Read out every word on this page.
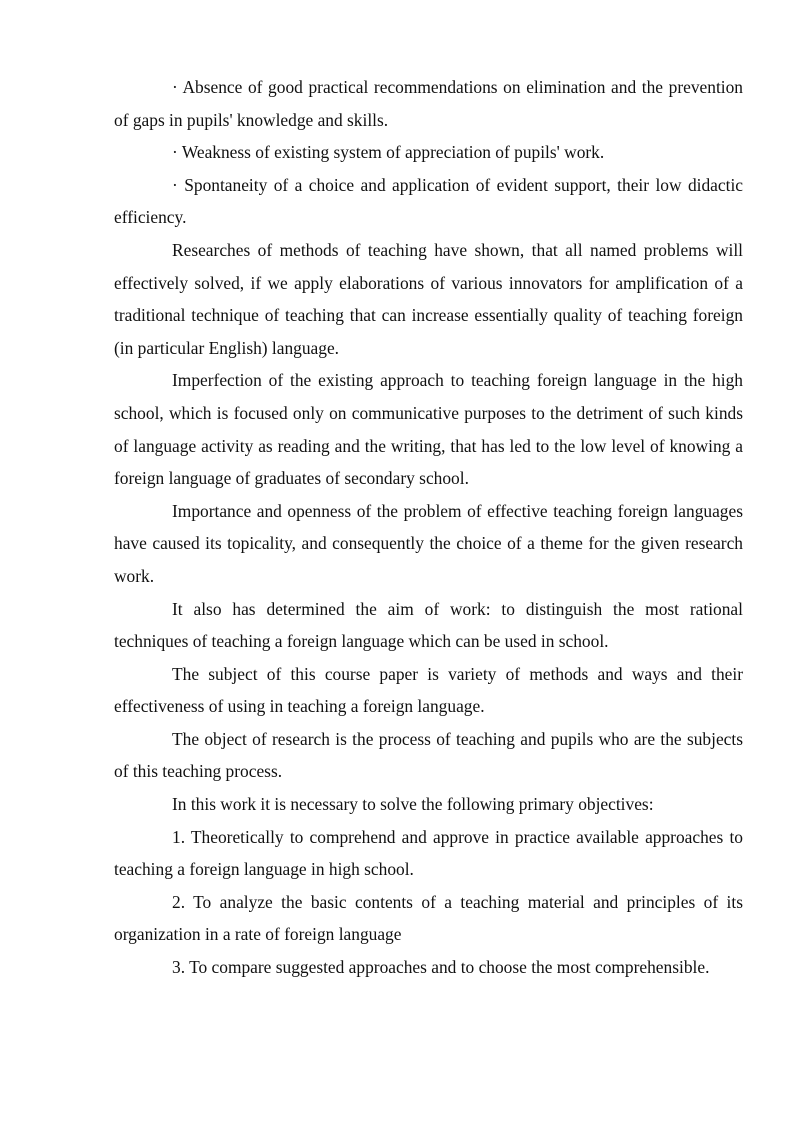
· Absence of good practical recommendations on elimination and the prevention of gaps in pupils' knowledge and skills.

· Weakness of existing system of appreciation of pupils' work.

· Spontaneity of a choice and application of evident support, their low didactic efficiency.

Researches of methods of teaching have shown, that all named problems will effectively solved, if we apply elaborations of various innovators for amplification of a traditional technique of teaching that can increase essentially quality of teaching foreign (in particular English) language.

Imperfection of the existing approach to teaching foreign language in the high school, which is focused only on communicative purposes to the detriment of such kinds of language activity as reading and the writing, that has led to the low level of knowing a foreign language of graduates of secondary school.

Importance and openness of the problem of effective teaching foreign languages have caused its topicality, and consequently the choice of a theme for the given research work.

It also has determined the aim of work: to distinguish the most rational techniques of teaching a foreign language which can be used in school.

The subject of this course paper is variety of methods and ways and their effectiveness of using in teaching a foreign language.

The object of research is the process of teaching and pupils who are the subjects of this teaching process.

In this work it is necessary to solve the following primary objectives:

1. Theoretically to comprehend and approve in practice available approaches to teaching a foreign language in high school.

2. To analyze the basic contents of a teaching material and principles of its organization in a rate of foreign language

3. To compare suggested approaches and to choose the most comprehensible.
